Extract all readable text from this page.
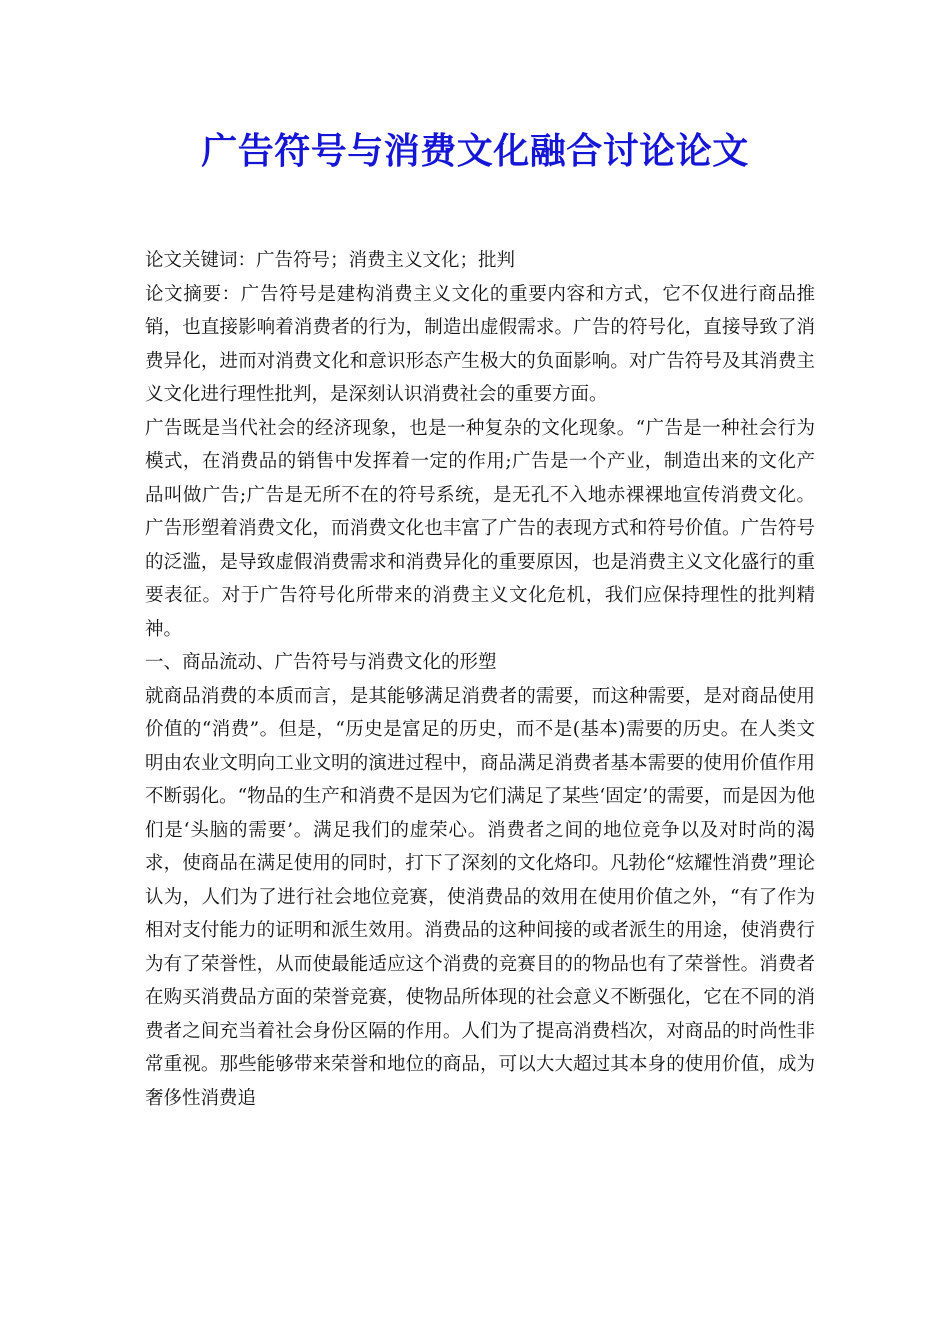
广告符号与消费文化融合讨论论文

论文关键词：广告符号；消费主义文化；批判

论文摘要：广告符号是建构消费主义文化的重要内容和方式，它不仅进行商品推销，也直接影响着消费者的行为，制造出虚假需求。广告的符号化，直接导致了消费异化，进而对消费文化和意识形态产生极大的负面影响。对广告符号及其消费主义文化进行理性批判，是深刻认识消费社会的重要方面。

广告既是当代社会的经济现象，也是一种复杂的文化现象。“广告是一种社会行为模式，在消费品的销售中发挥着一定的作用;广告是一个产业，制造出来的文化产品叫做广告;广告是无所不在的符号系统，是无孔不入地赤裸裸地宣传消费文化。广告形塑着消费文化，而消费文化也丰富了广告的表现方式和符号价值。广告符号的泛滥，是导致虚假消费需求和消费异化的重要原因，也是消费主义文化盛行的重要表征。对于广告符号化所带来的消费主义文化危机，我们应保持理性的批判精神。

一、商品流动、广告符号与消费文化的形塑

就商品消费的本质而言，是其能够满足消费者的需要，而这种需要，是对商品使用价值的“消费”。但是，“历史是富足的历史，而不是(基本)需要的历史。在人类文明由农业文明向工业文明的演进过程中，商品满足消费者基本需要的使用价值作用不断弱化。“物品的生产和消费不是因为它们满足了某些‘固定’的需要，而是因为他们是‘头脑的需要’。满足我们的虚荣心。消费者之间的地位竞争以及对时尚的渴求，使商品在满足使用的同时，打下了深刻的文化烙印。凡勃伦“炫耀性消费”理论认为，人们为了进行社会地位竞赛，使消费品的效用在使用价值之外，“有了作为相对支付能力的证明和派生效用。消费品的这种间接的或者派生的用途，使消费行为有了荣誉性，从而使最能适应这个消费的竞赛目的的物品也有了荣誉性。消费者在购买消费品方面的荣誉竞赛，使物品所体现的社会意义不断强化，它在不同的消费者之间充当着社会身份区隔的作用。人们为了提高消费档次，对商品的时尚性非常重视。那些能够带来荣誉和地位的商品，可以大大超过其本身的使用价值，成为奢侈性消费追
